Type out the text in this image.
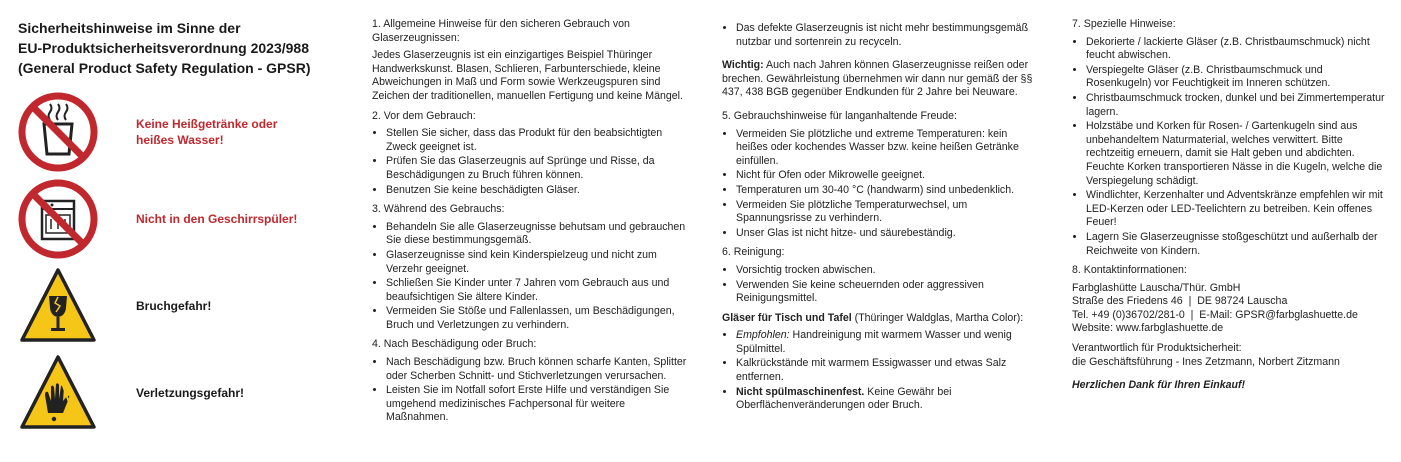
Sicherheitshinweise im Sinne der
EU-Produktsicherheitsverordnung 2023/988
(General Product Safety Regulation - GPSR)
Keine Heißgetränke oder
heißes Wasser!
Nicht in den Geschirrspüler!
Bruchgefahr!
Verletzungsgefahr!
1. Allgemeine Hinweise für den sicheren Gebrauch von Glaserzeugnissen:

Jedes Glaserzeugnis ist ein einzigartiges Beispiel Thüringer Handwerkskunst. Blasen, Schlieren, Farbunterschiede, kleine Abweichungen in Maß und Form sowie Werkzeugspuren sind Zeichen der traditionellen, manuellen Fertigung und keine Mängel.

2. Vor dem Gebrauch:
• Stellen Sie sicher, dass das Produkt für den beabsichtigten Zweck geeignet ist.
• Prüfen Sie das Glaserzeugnis auf Sprünge und Risse, da Beschädigungen zu Bruch führen können.
• Benutzen Sie keine beschädigten Gläser.
3. Während des Gebrauchs:
• Behandeln Sie alle Glaserzeugnisse behutsam und gebrauchen Sie diese bestimmungsgemäß.
• Glaserzeugnisse sind kein Kinderspielzeug und nicht zum Verzehr geeignet.
• Schließen Sie Kinder unter 7 Jahren vom Gebrauch aus und beaufsichtigen Sie ältere Kinder.
• Vermeiden Sie Stöße und Fallenlassen, um Beschädigungen, Bruch und Verletzungen zu verhindern.
4. Nach Beschädigung oder Bruch:
• Nach Beschädigung bzw. Bruch können scharfe Kanten, Splitter oder Scherben Schnitt- und Stichverletzungen verursachen.
• Leisten Sie im Notfall sofort Erste Hilfe und verständigen Sie umgehend medizinisches Fachpersonal für weitere Maßnahmen.
• Das defekte Glaserzeugnis ist nicht mehr bestimmungsgemäß nutzbar und sortenrein zu recyceln.

Wichtig: Auch nach Jahren können Glaserzeugnisse reißen oder brechen. Gewährleistung übernehmen wir dann nur gemäß der §§ 437, 438 BGB gegenüber Endkunden für 2 Jahre bei Neuware.

5. Gebrauchshinweise für langanhaltende Freude:
• Vermeiden Sie plötzliche und extreme Temperaturen: kein heißes oder kochendes Wasser bzw. keine heißen Getränke einfüllen.
• Nicht für Ofen oder Mikrowelle geeignet.
• Temperaturen um 30-40 °C (handwarm) sind unbedenklich.
• Vermeiden Sie plötzliche Temperaturwechsel, um Spannungsrisse zu verhindern.
• Unser Glas ist nicht hitze- und säurebeständig.
6. Reinigung:
• Vorsichtig trocken abwischen.
• Verwenden Sie keine scheuernden oder aggressiven Reinigungsmittel.
Gläser für Tisch und Tafel (Thüringer Waldglas, Martha Color):
• Empfohlen: Handreinigung mit warmem Wasser und wenig Spülmittel.
• Kalkrückstände mit warmem Essigwasser und etwas Salz entfernen.
• Nicht spülmaschinenfest. Keine Gewähr bei Oberflächenveränderungen oder Bruch.
7. Spezielle Hinweise:
• Dekorierte / lackierte Gläser (z.B. Christbaumschmuck) nicht feucht abwischen.
• Verspiegelte Gläser (z.B. Christbaumschmuck und Rosenkugeln) vor Feuchtigkeit im Inneren schützen.
• Christbaumschmuck trocken, dunkel und bei Zimmertemperatur lagern.
• Holzstäbe und Korken für Rosen- / Gartenkugeln sind aus unbehandeltem Naturmaterial, welches verwittert. Bitte rechtzeitig erneuern, damit sie Halt geben und abdichten. Feuchte Korken transportieren Nässe in die Kugeln, welche die Verspiegelung schädigt.
• Windlichter, Kerzenhalter und Adventskränze empfehlen wir mit LED-Kerzen oder LED-Teelichtern zu betreiben. Kein offenes Feuer!
• Lagern Sie Glaserzeugnisse stoßgeschützt und außerhalb der Reichweite von Kindern.
8. Kontaktinformationen:
Farbglashütte Lauscha/Thür. GmbH
Straße des Friedens 46  |  DE 98724 Lauscha
Tel. +49 (0)36702/281-0  |  E-Mail: GPSR@farbglashuette.de
Website: www.farbglashuette.de
Verantwortlich für Produktsicherheit:
die Geschäftsführung - Ines Zetzmann, Norbert Zitzmann
Herzlichen Dank für Ihren Einkauf!
